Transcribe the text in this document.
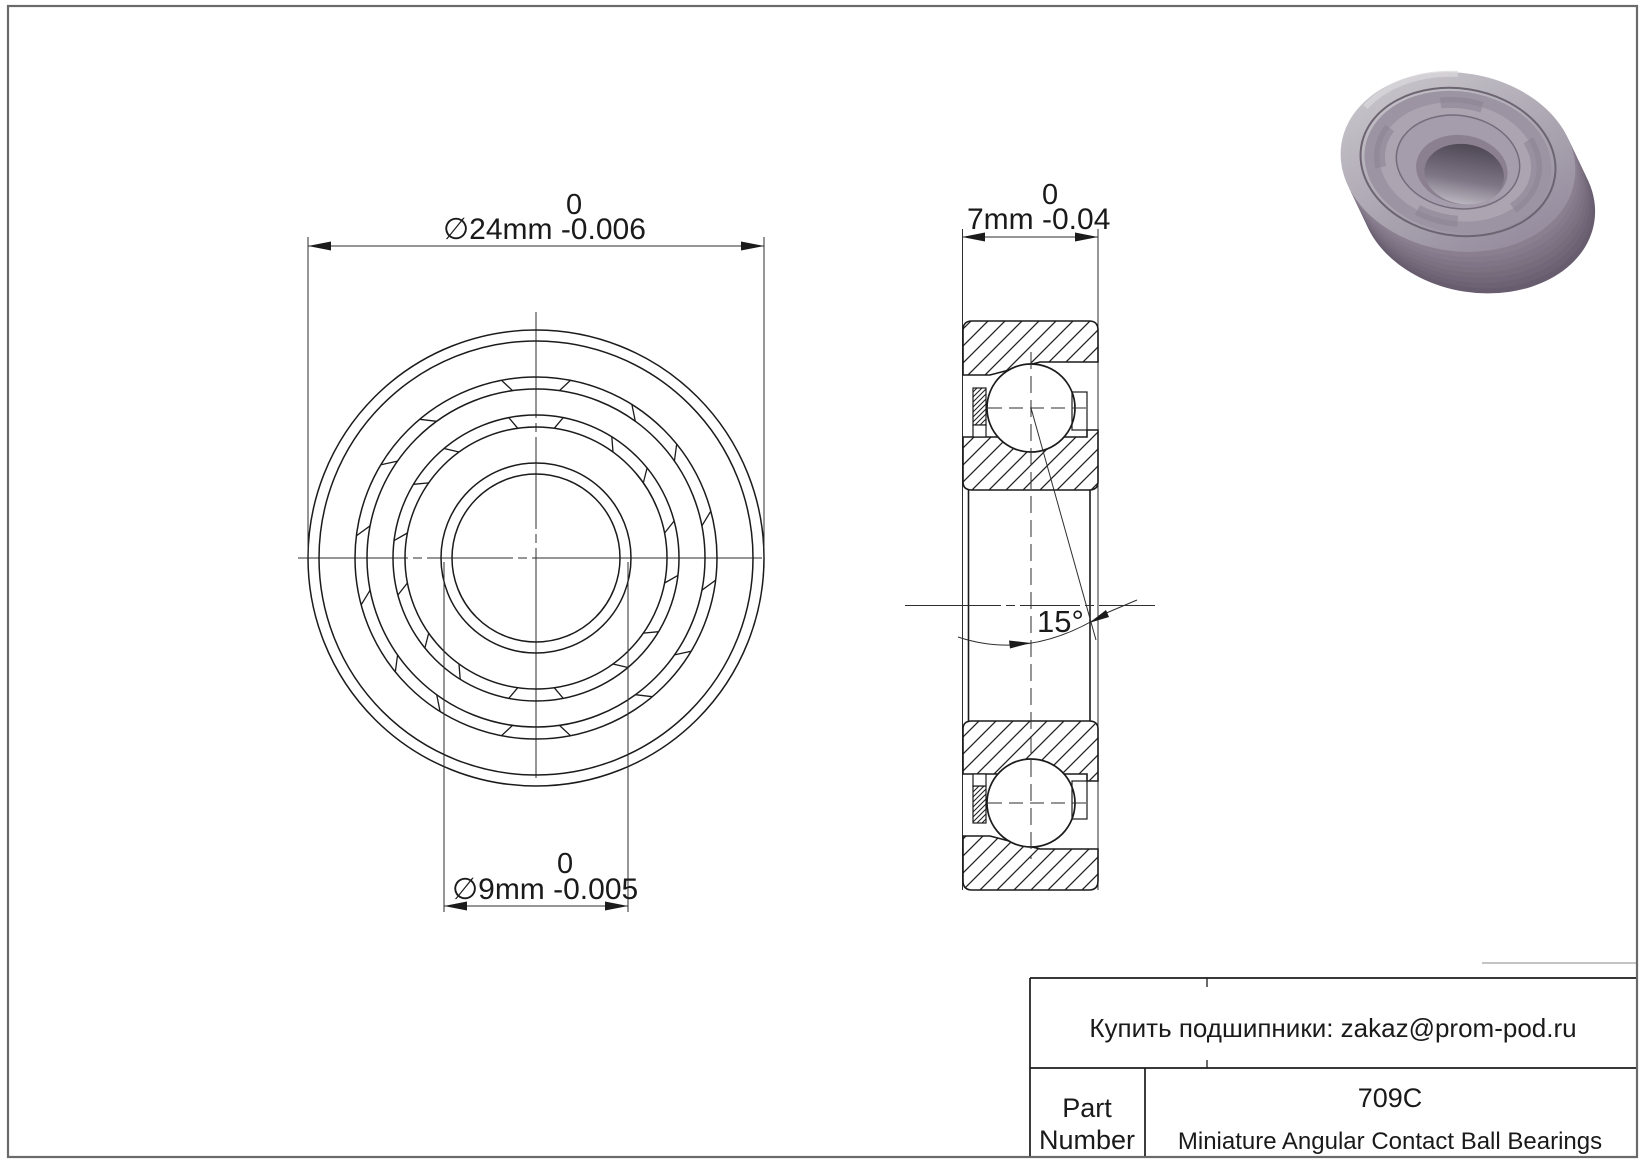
∅24mm -0.006
0
∅9mm -0.005
0
7mm -0.04
0
15°
Купить подшипники: zakaz@prom-pod.ru
Part
Number
709C
Miniature Angular Contact Ball Bearings
